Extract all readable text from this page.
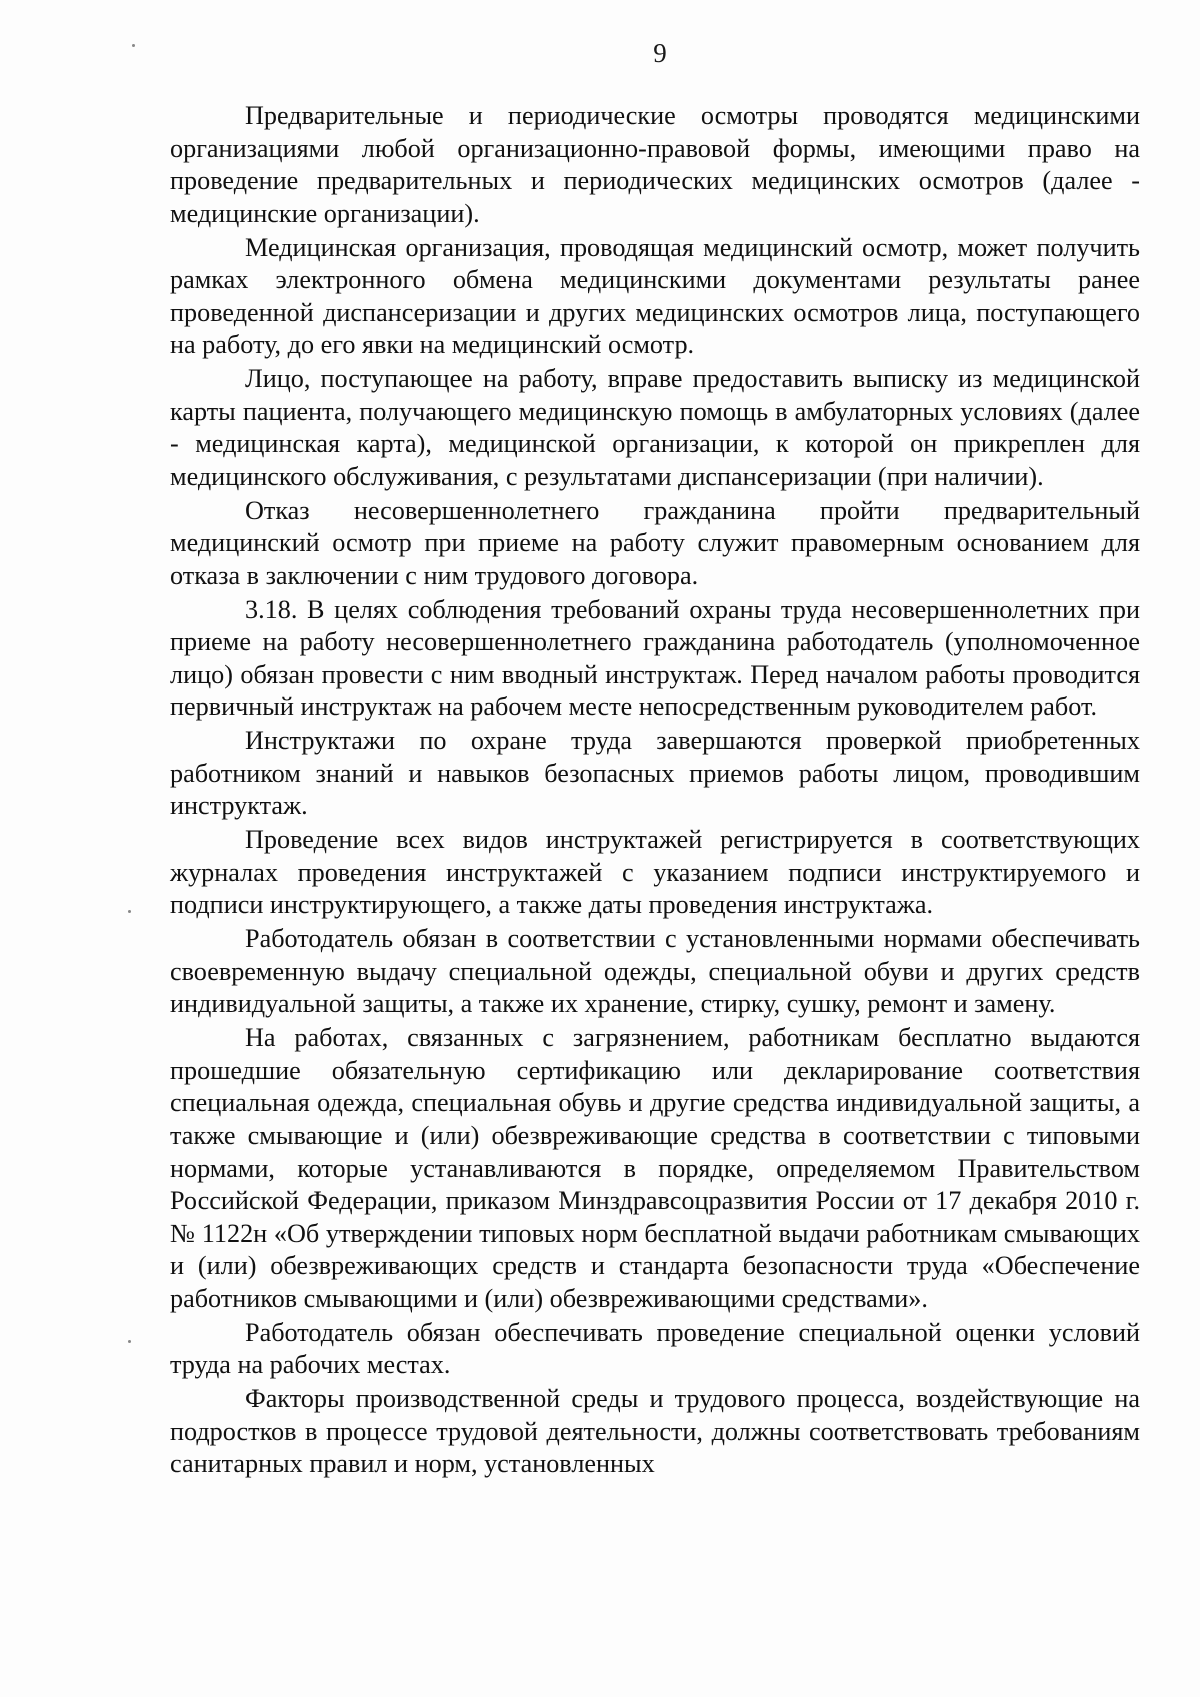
9

Предварительные и периодические осмотры проводятся медицинскими организациями любой организационно-правовой формы, имеющими право на проведение предварительных и периодических медицинских осмотров (далее - медицинские организации).

Медицинская организация, проводящая медицинский осмотр, может получить рамках электронного обмена медицинскими документами результаты ранее проведенной диспансеризации и других медицинских осмотров лица, поступающего на работу, до его явки на медицинский осмотр.

Лицо, поступающее на работу, вправе предоставить выписку из медицинской карты пациента, получающего медицинскую помощь в амбулаторных условиях (далее - медицинская карта), медицинской организации, к которой он прикреплен для медицинского обслуживания, с результатами диспансеризации (при наличии).

Отказ несовершеннолетнего гражданина пройти предварительный медицинский осмотр при приеме на работу служит правомерным основанием для отказа в заключении с ним трудового договора.

3.18. В целях соблюдения требований охраны труда несовершеннолетних при приеме на работу несовершеннолетнего гражданина работодатель (уполномоченное лицо) обязан провести с ним вводный инструктаж. Перед началом работы проводится первичный инструктаж на рабочем месте непосредственным руководителем работ.

Инструктажи по охране труда завершаются проверкой приобретенных работником знаний и навыков безопасных приемов работы лицом, проводившим инструктаж.

Проведение всех видов инструктажей регистрируется в соответствующих журналах проведения инструктажей с указанием подписи инструктируемого и подписи инструктирующего, а также даты проведения инструктажа.

Работодатель обязан в соответствии с установленными нормами обеспечивать своевременную выдачу специальной одежды, специальной обуви и других средств индивидуальной защиты, а также их хранение, стирку, сушку, ремонт и замену.

На работах, связанных с загрязнением, работникам бесплатно выдаются прошедшие обязательную сертификацию или декларирование соответствия специальная одежда, специальная обувь и другие средства индивидуальной защиты, а также смывающие и (или) обезвреживающие средства в соответствии с типовыми нормами, которые устанавливаются в порядке, определяемом Правительством Российской Федерации, приказом Минздравсоцразвития России от 17 декабря 2010 г. № 1122н «Об утверждении типовых норм бесплатной выдачи работникам смывающих и (или) обезвреживающих средств и стандарта безопасности труда «Обеспечение работников смывающими и (или) обезвреживающими средствами».

Работодатель обязан обеспечивать проведение специальной оценки условий труда на рабочих местах.

Факторы производственной среды и трудового процесса, воздействующие на подростков в процессе трудовой деятельности, должны соответствовать требованиям санитарных правил и норм, установленных
